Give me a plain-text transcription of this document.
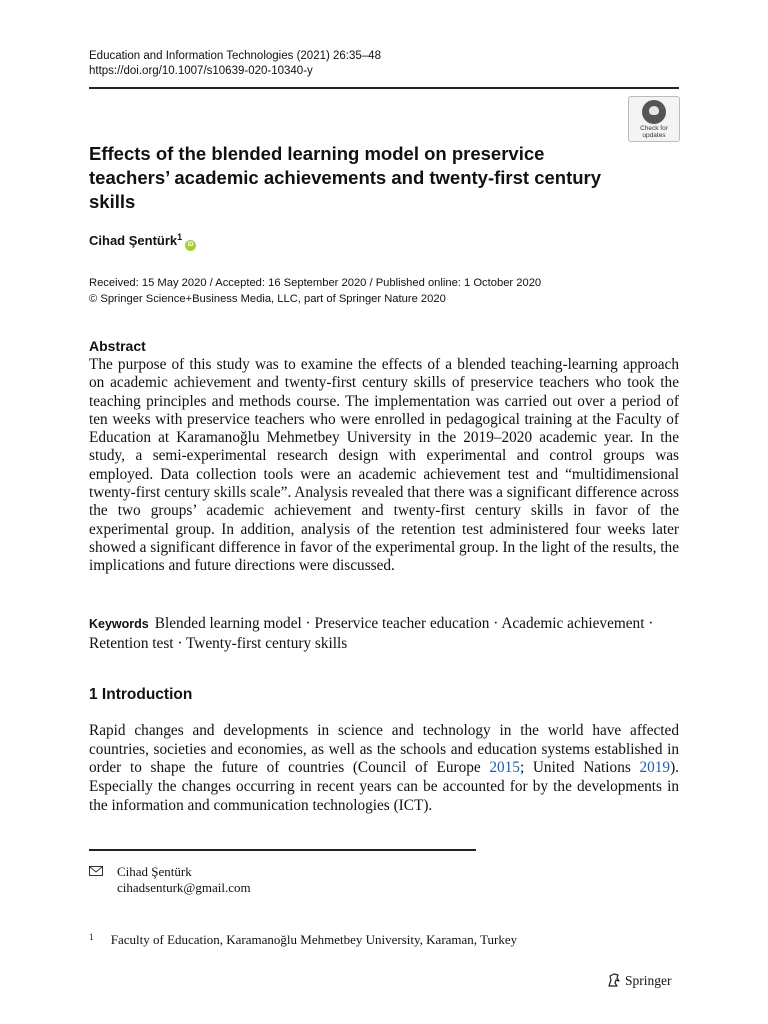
Education and Information Technologies (2021) 26:35–48
https://doi.org/10.1007/s10639-020-10340-y
Check for updates
Effects of the blended learning model on preservice teachers’ academic achievements and twenty-first century skills
Cihad Şentürk$^1$iD
Received: 15 May 2020 / Accepted: 16 September 2020 / Published online: 1 October 2020
© Springer Science+Business Media, LLC, part of Springer Nature 2020
Abstract
The purpose of this study was to examine the effects of a blended teaching-learning approach on academic achievement and twenty-first century skills of preservice teachers who took the teaching principles and methods course. The implementation was carried out over a period of ten weeks with preservice teachers who were enrolled in pedagogical training at the Faculty of Education at Karamanoğlu Mehmetbey University in the 2019–2020 academic year. In the study, a semi-experimental research design with experimental and control groups was employed. Data collection tools were an academic achievement test and “multidimensional twenty-first century skills scale”. Analysis revealed that there was a significant difference across the two groups’ academic achievement and twenty-first century skills in favor of the experimental group. In addition, analysis of the retention test administered four weeks later showed a significant difference in favor of the experimental group. In the light of the results, the implications and future directions were discussed.
Keywords Blended learning model · Preservice teacher education · Academic achievement · Retention test · Twenty-first century skills
1 Introduction
Rapid changes and developments in science and technology in the world have affected countries, societies and economies, as well as the schools and education systems established in order to shape the future of countries (Council of Europe 2015; United Nations 2019). Especially the changes occurring in recent years can be accounted for by the developments in the information and communication technologies (ICT).
Cihad Şentürk
cihadsenturk@gmail.com
$^1$ Faculty of Education, Karamanoğlu Mehmetbey University, Karaman, Turkey
Springer
